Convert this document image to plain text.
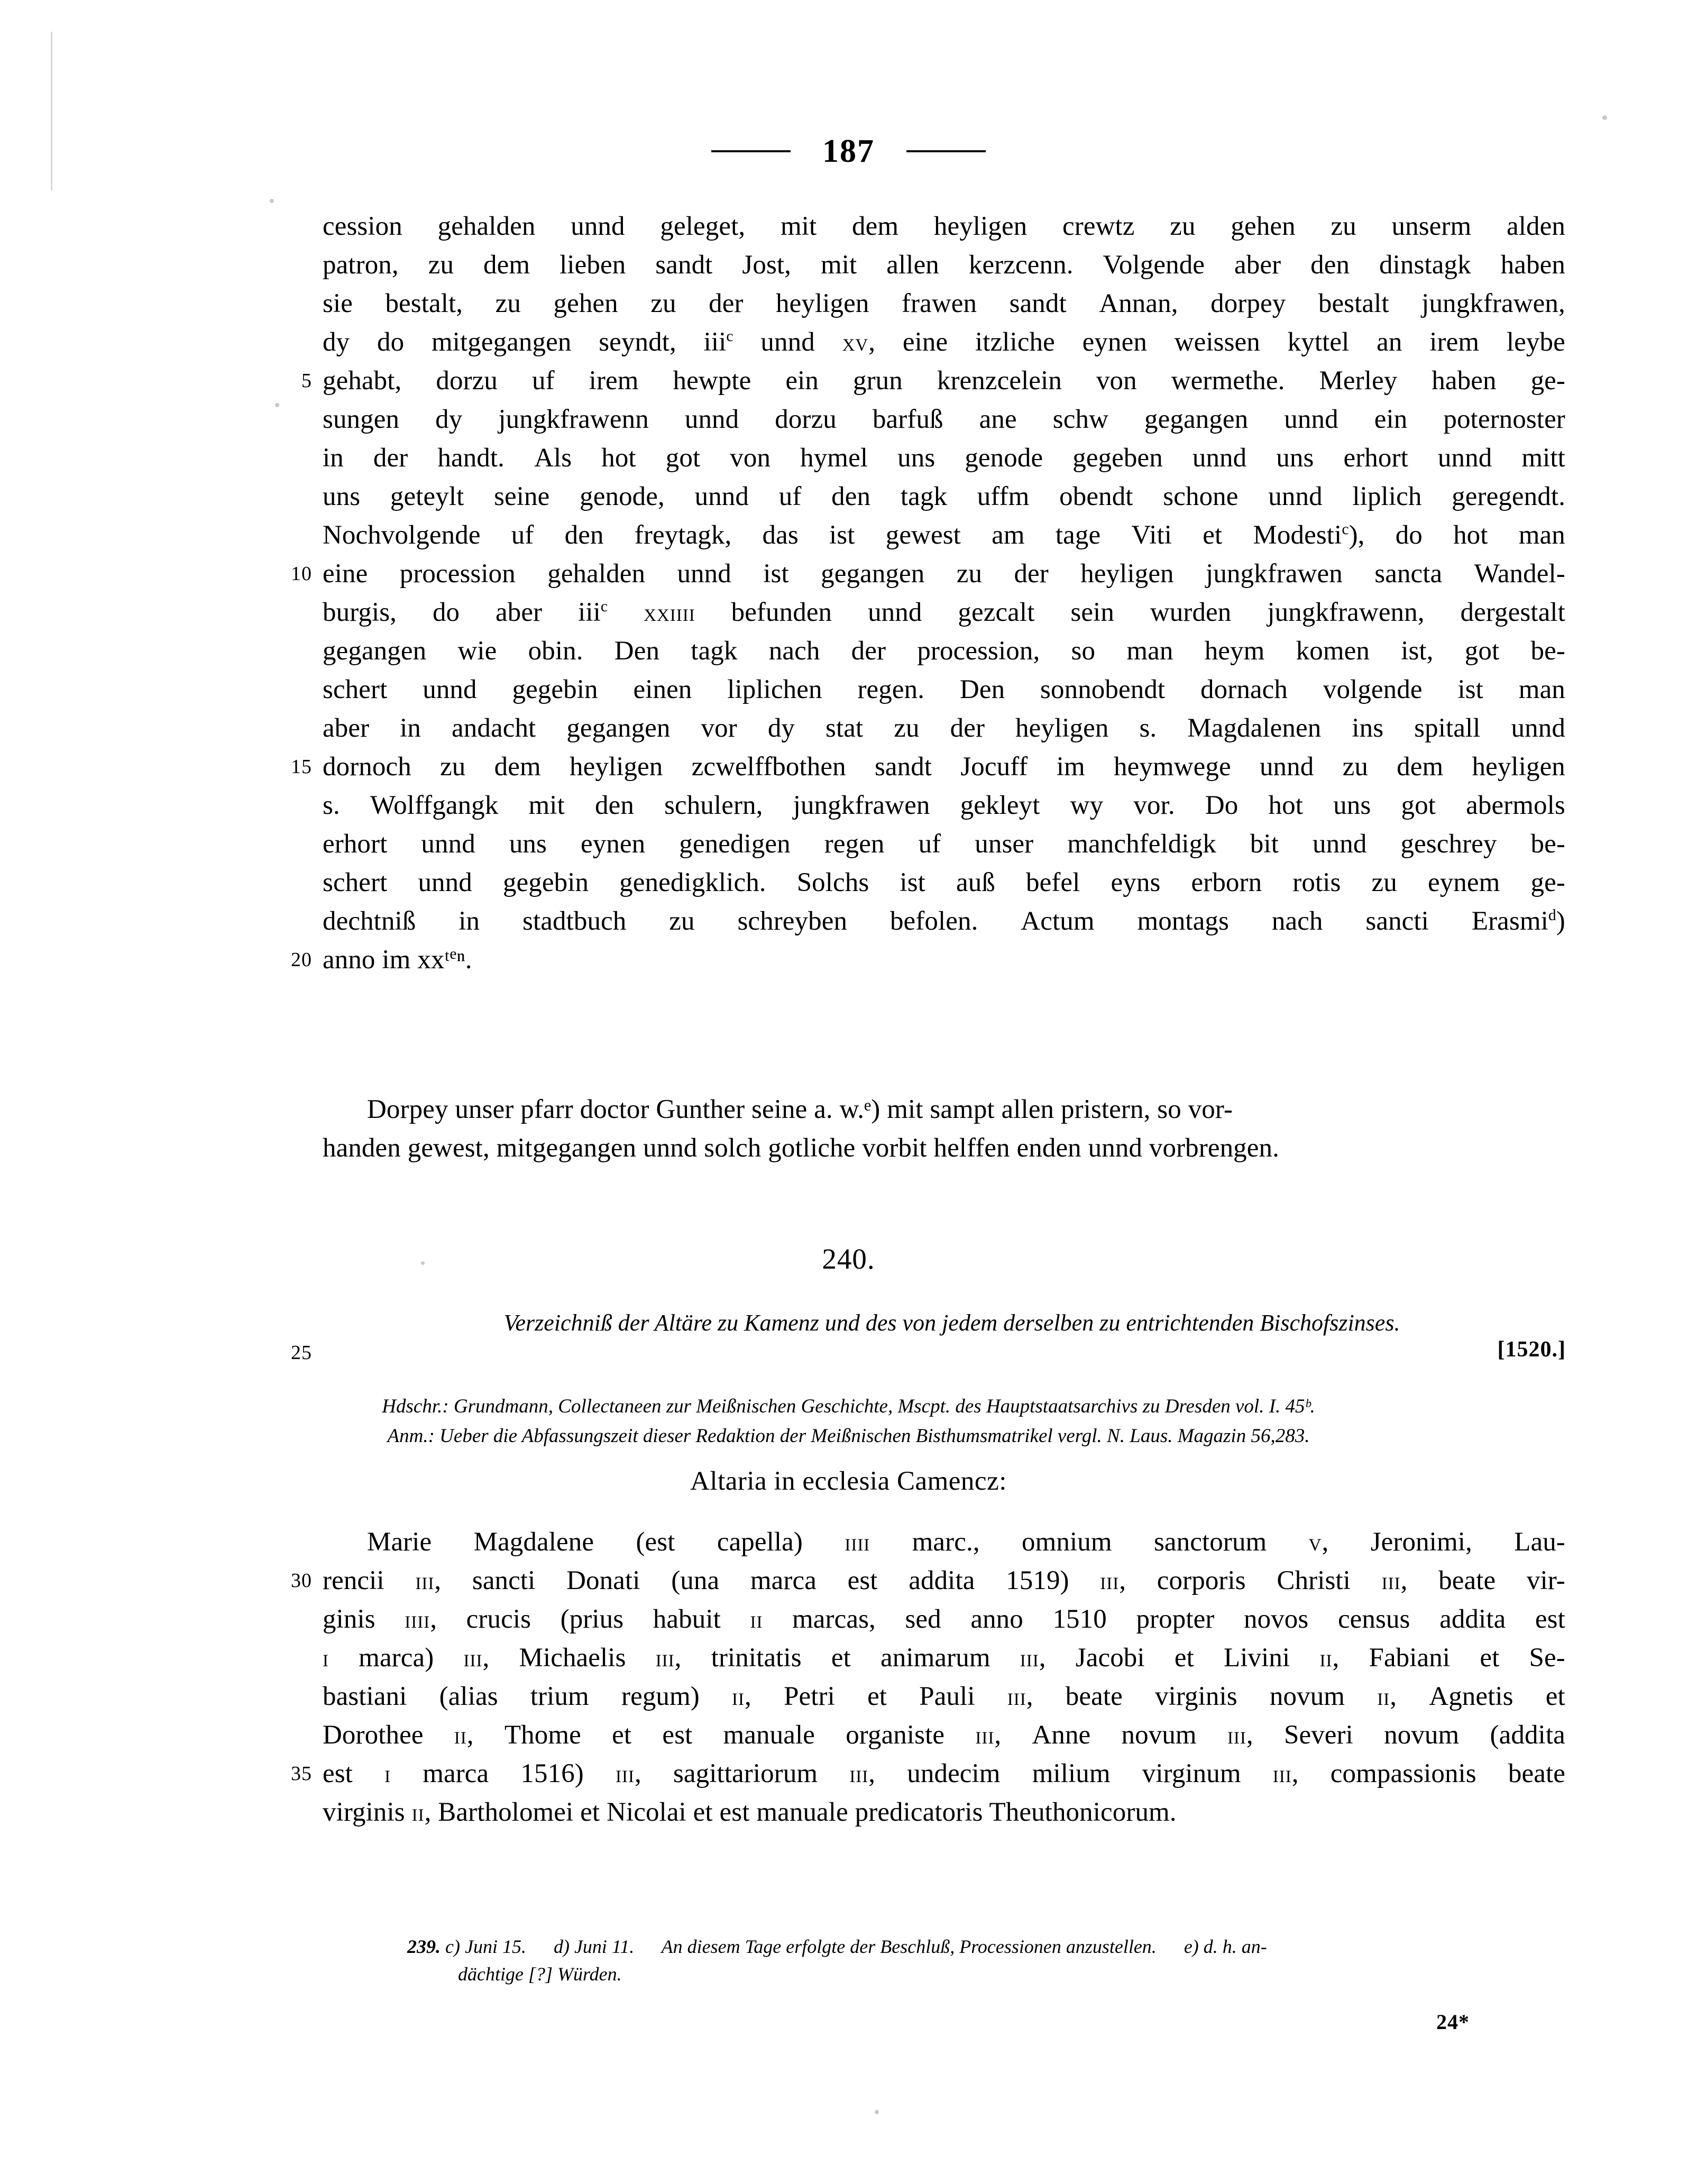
187
cession gehalden unnd geleget, mit dem heyligen crewtz zu gehen zu unserm alden
patron, zu dem lieben sandt Jost, mit allen kerzcenn. Volgende aber den dinstagk haben
sie bestalt, zu gehen zu der heyligen frawen sandt Annan, dorpey bestalt jungkfrawen,
dy do mitgegangen seyndt, iii$^c$ unnd xv, eine itzliche eynen weissen kyttel an irem leybe
5 gehabt, dorzu uf irem hewpte ein grun krenzcelein von wermethe. Merley haben ge-
sungen dy jungkfrawenn unnd dorzu barfuß ane schw gegangen unnd ein poternoster
in der handt. Als hot got von hymel uns genode gegeben unnd uns erhort unnd mitt
uns geteylt seine genode, unnd uf den tagk uffm obendt schone unnd liplich geregendt.
Nochvolgende uf den freytagk, das ist gewest am tage Viti et Modesti$^c$), do hot man
10 eine procession gehalden unnd ist gegangen zu der heyligen jungkfrawen sancta Wandel-
burgis, do aber iii$^c$ xxiiii befunden unnd gezcalt sein wurden jungkfrawenn, dergestalt
gegangen wie obin. Den tagk nach der procession, so man heym komen ist, got be-
schert unnd gegebin einen liplichen regen. Den sonnobendt dornach volgende ist man
aber in andacht gegangen vor dy stat zu der heyligen s. Magdalenen ins spitall unnd
15 dornoch zu dem heyligen zcwelffbothen sandt Jocuff im heymwege unnd zu dem heyligen
s. Wolffgangk mit den schulern, jungkfrawen gekleyt wy vor. Do hot uns got abermols
erhort unnd uns eynen genedigen regen uf unser manchfeldigk bit unnd geschrey be-
schert unnd gegebin genedigklich. Solchs ist auß befel eyns erborn rotis zu eynem ge-
dechtniß in stadtbuch zu schreyben befolen. Actum montags nach sancti Erasmi$^d$)
20 anno im xxᵗ$^e$ⁿ.
Dorpey unser pfarr doctor Gunther seine a. w.ᵉ) mit sampt allen pristern, so vor-
handen gewest, mitgegangen unnd solch gotliche vorbit helffen enden unnd vorbrengen.
240.
Verzeichniß der Altäre zu Kamenz und des von jedem derselben zu entrichtenden Bischofszinses.
25	[1520.]
Hdschr.: Grundmann, Collectaneen zur Meißnischen Geschichte, Mscpt. des Hauptstaatsarchivs zu Dresden vol. I. 45ᵇ.
Anm.: Ueber die Abfassungszeit dieser Redaktion der Meißnischen Bisthumsmatrikel vergl. N. Laus. Magazin 56,283.
Altaria in ecclesia Camencz:
Marie Magdalene (est capella) iiii marc., omnium sanctorum v, Jeronimi, Lau-
30 rencii iii, sancti Donati (una marca est addita 1519) iii, corporis Christi iii, beate vir-
ginis iiii, crucis (prius habuit ii marcas, sed anno 1510 propter novos census addita est
i marca) iii, Michaelis iii, trinitatis et animarum iii, Jacobi et Livini ii, Fabiani et Se-
bastiani (alias trium regum) ii, Petri et Pauli iii, beate virginis novum ii, Agnetis et
Dorothee ii, Thome et est manuale organiste iii, Anne novum iii, Severi novum (addita
35 est i marca 1516) iii, sagittariorum iii, undecim milium virginum iii, compassionis beate
virginis ii, Bartholomei et Nicolai et est manuale predicatoris Theuthonicorum.
239. c) Juni 15. d) Juni 11. An diesem Tage erfolgte der Beschluß, Processionen anzustellen. e) d. h. an-
dächtige [?] Würden.
24*
